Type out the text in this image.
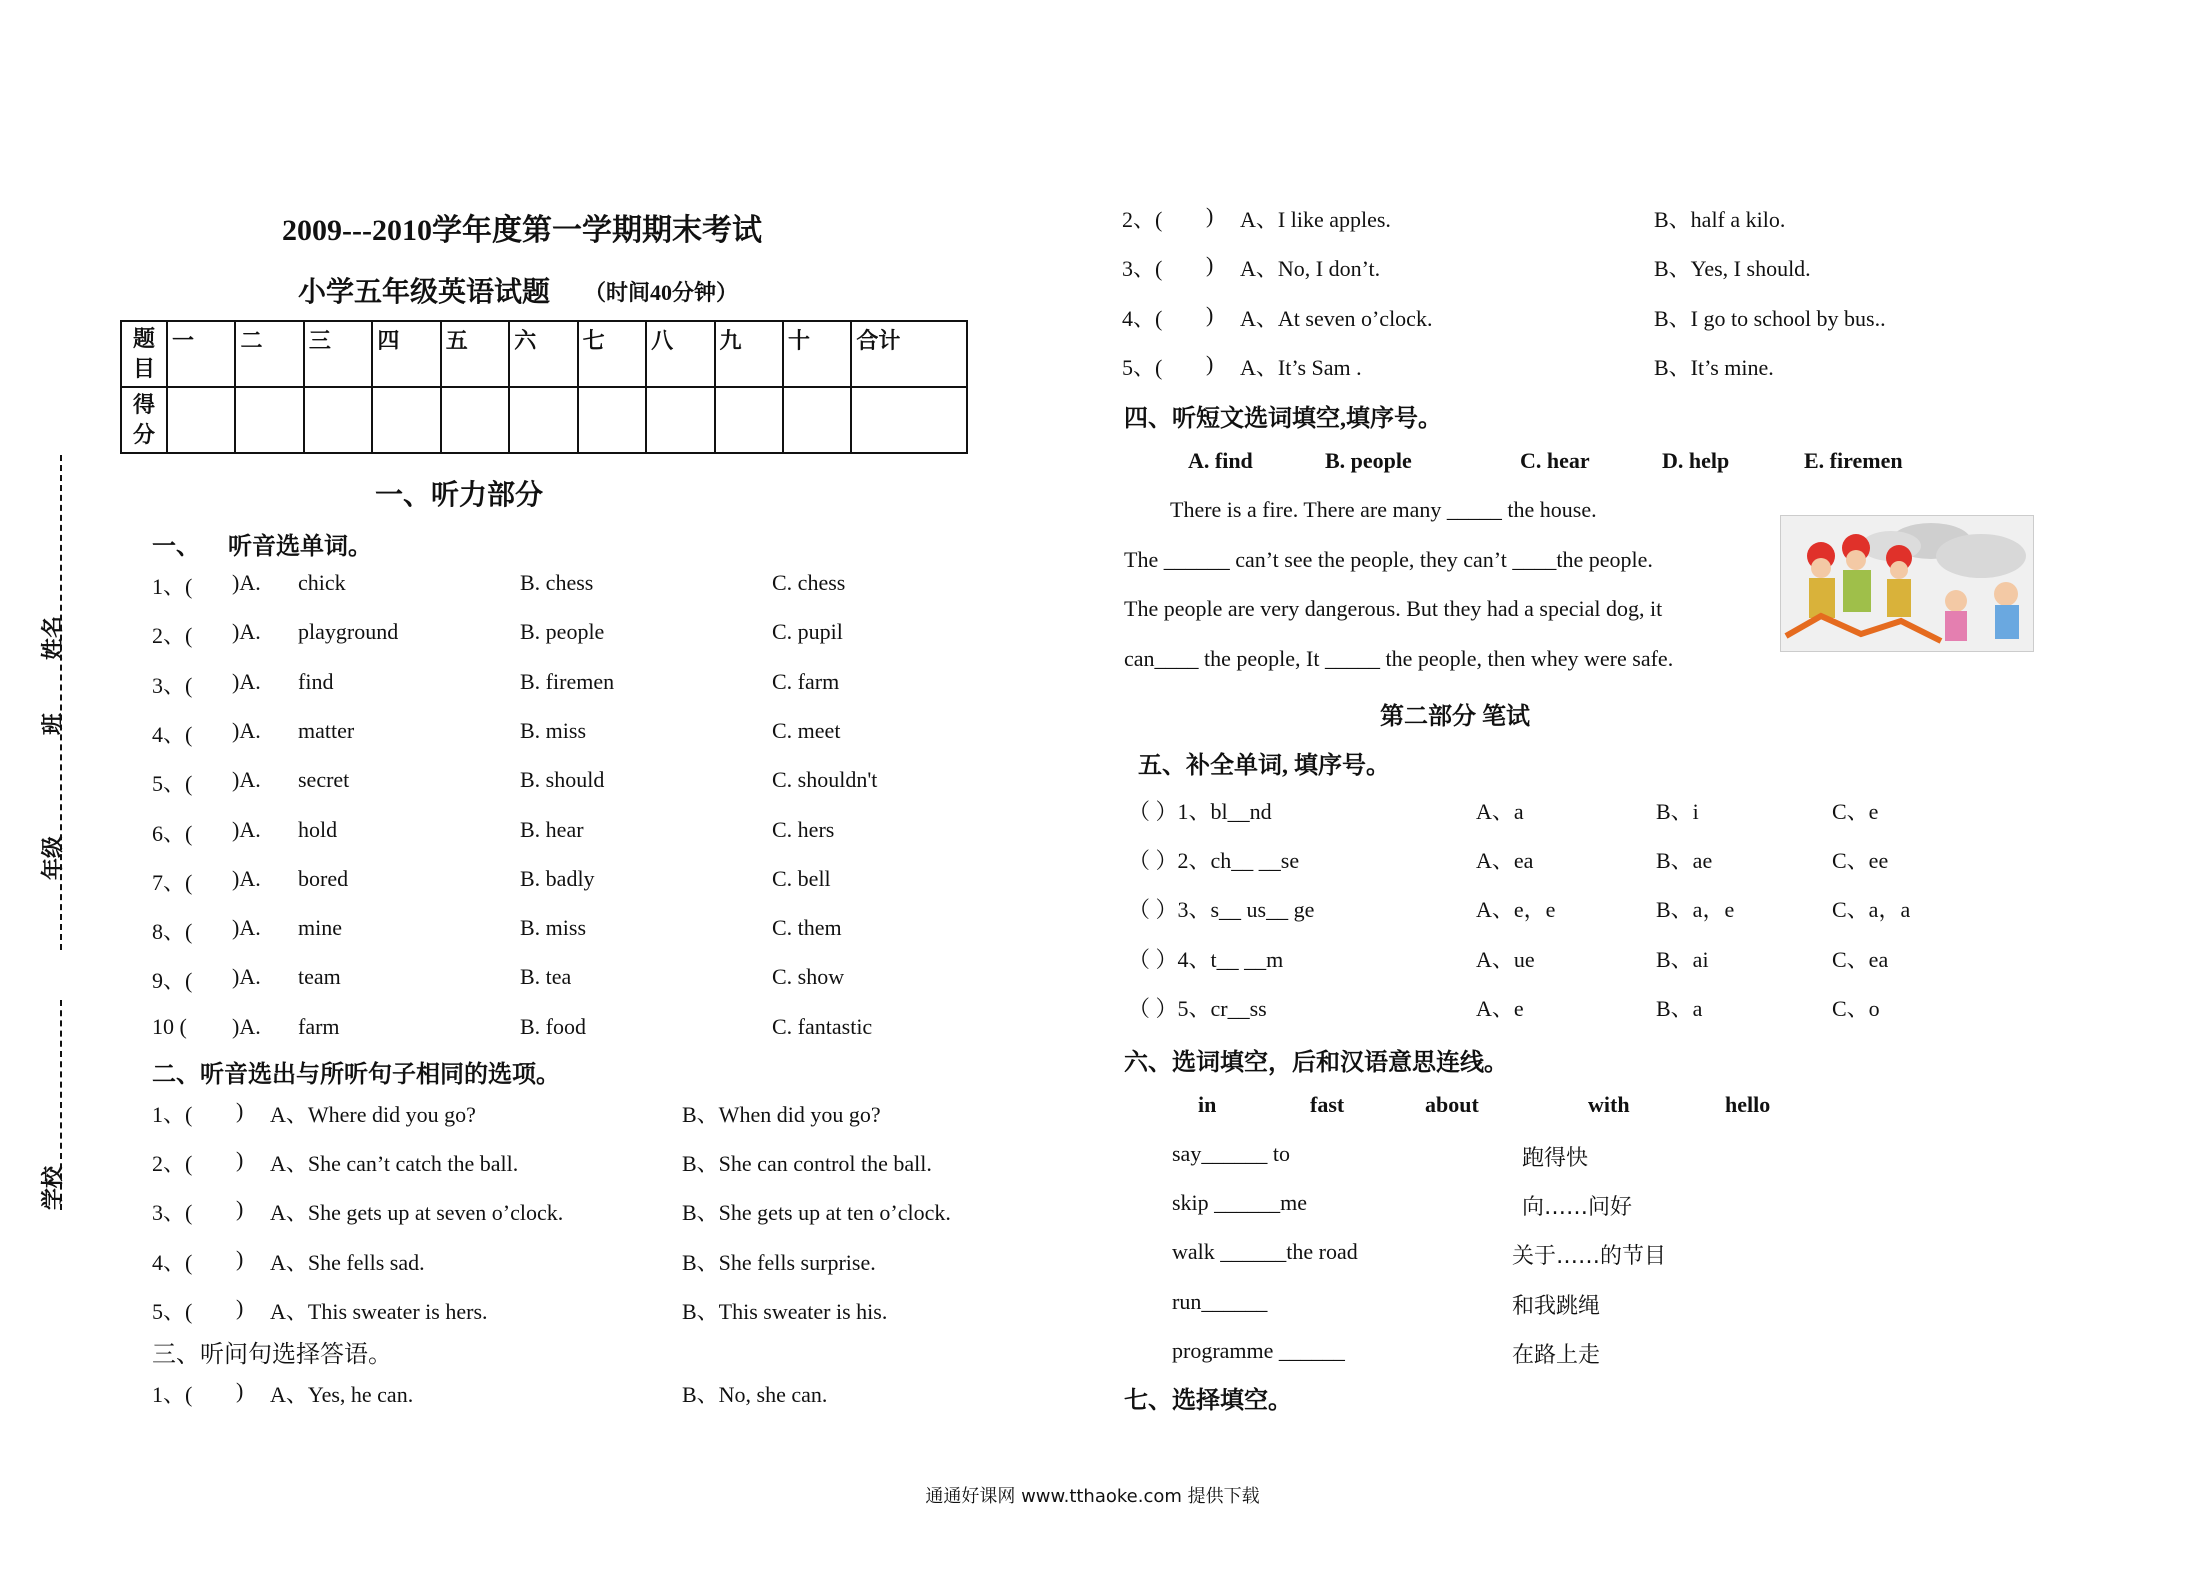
姓名
班
年级
学校
2009---2010学年度第一学期期末考试
小学五年级英语试题 （时间40分钟）
题目	一	二	三	四	五	六	七	八	九	十	合计
得分											
一、听力部分
一、 听音选单词。
1、( )A. chick	B. chess	C. chess
2、( )A. playground	B. people	C. pupil
3、( )A. find	B. firemen	C. farm
4、( )A. matter	B. miss	C. meet
5、( )A. secret	B. should	C. shouldn't
6、( )A. hold	B. hear	C. hers
7、( )A. bored	B. badly	C. bell
8、( )A. mine	B. miss	C. them
9、( )A. team	B. tea	C. show
10 ( )A. farm	B. food	C. fantastic
二、听音选出与所听句子相同的选项。
1、( ) A、Where did you go?	B、When did you go?
2、( ) A、She can’t catch the ball.	B、She can control the ball.
3、( ) A、She gets up at seven o’clock.	B、She gets up at ten o’clock.
4、( ) A、She fells sad.	B、She fells surprise.
5、( ) A、This sweater is hers.	B、This sweater is his.
三、听问句选择答语。
1、( ) A、Yes, he can.	B、No, she can.
2、( ) A、I like apples.	B、half a kilo.
3、( ) A、No, I don’t.	B、Yes, I should.
4、( ) A、At seven o’clock.	B、I go to school by bus..
5、( ) A、It’s Sam .	B、It’s mine.
四、听短文选词填空,填序号。
A. find	B. people	C. hear	D. help	E. firemen
There is a fire. There are many _____ the house.
The ______ can’t see the people, they can’t ____the people.
The people are very dangerous. But they had a special dog, it
can____ the people, It _____ the people, then whey were safe.
第二部分 笔试
五、补全单词, 填序号。
（ ）1、bl__nd	A、a	B、i	C、e
（ ）2、ch__ __se	A、ea	B、ae	C、ee
（ ）3、s__ us__ ge	A、e，e	B、a，e	C、a，a
（ ）4、t__ __m	A、ue	B、ai	C、ea
（ ）5、cr__ss	A、e	B、a	C、o
六、选词填空，后和汉语意思连线。
in	fast	about	with	hello
say______ to	跑得快
skip ______me	向……问好
walk ______the road	关于……的节目
run______	和我跳绳
programme ______	在路上走
七、选择填空。
通通好课网 www.tthaoke.com 提供下载
